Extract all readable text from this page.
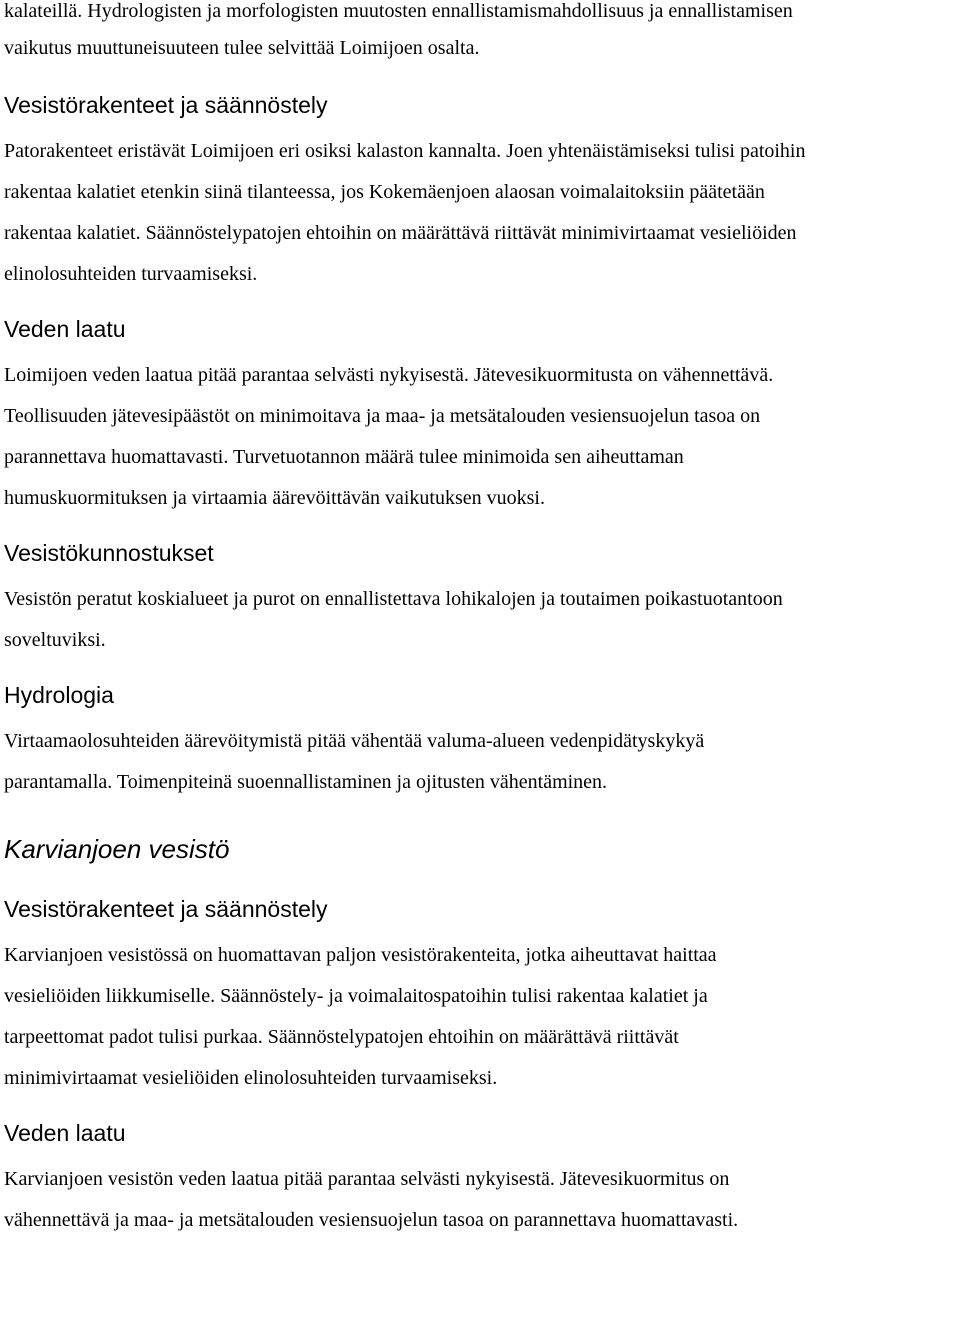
kalateillä. Hydrologisten ja morfologisten muutosten ennallistamismahdollisuus ja ennallistamisen
vaikutus muuttuneisuuteen tulee selvittää Loimijoen osalta.

Vesistörakenteet ja säännöstely

Patorakenteet eristävät Loimijoen eri osiksi kalaston kannalta. Joen yhtenäistämiseksi tulisi patoihin
rakentaa kalatiet etenkin siinä tilanteessa, jos Kokemäenjoen alaosan voimalaitoksiin päätetään
rakentaa kalatiet. Säännöstelypatojen ehtoihin on määrättävä riittävät minimivirtaamat vesieliöiden
elinolosuhteiden turvaamiseksi.

Veden laatu

Loimijoen veden laatua pitää parantaa selvästi nykyisestä. Jätevesikuormitusta on vähennettävä.
Teollisuuden jätevesipäästöt on minimoitava ja maa- ja metsätalouden vesiensuojelun tasoa on
parannettava huomattavasti. Turvetuotannon määrä tulee minimoida sen aiheuttaman
humuskuormituksen ja virtaamia äärevöittävän vaikutuksen vuoksi.

Vesistökunnostukset

Vesistön peratut koskialueet ja purot on ennallistettava lohikalojen ja toutaimen poikastuotantoon
soveltuviksi.

Hydrologia

Virtaamaolosuhteiden äärevöitymistä pitää vähentää valuma-alueen vedenpidätyskykyä
parantamalla. Toimenpiteinä suoennallistaminen ja ojitusten vähentäminen.

Karvianjoen vesistö
Vesistörakenteet ja säännöstely

Karvianjoen vesistössä on huomattavan paljon vesistörakenteita, jotka aiheuttavat haittaa
vesieliöiden liikkumiselle. Säännöstely- ja voimalaitospatoihin tulisi rakentaa kalatiet ja
tarpeettomat padot tulisi purkaa. Säännöstelypatojen ehtoihin on määrättävä riittävät
minimivirtaamat vesieliöiden elinolosuhteiden turvaamiseksi.

Veden laatu

Karvianjoen vesistön veden laatua pitää parantaa selvästi nykyisestä. Jätevesikuormitus on
vähennettävä ja maa- ja metsätalouden vesiensuojelun tasoa on parannettava huomattavasti.
